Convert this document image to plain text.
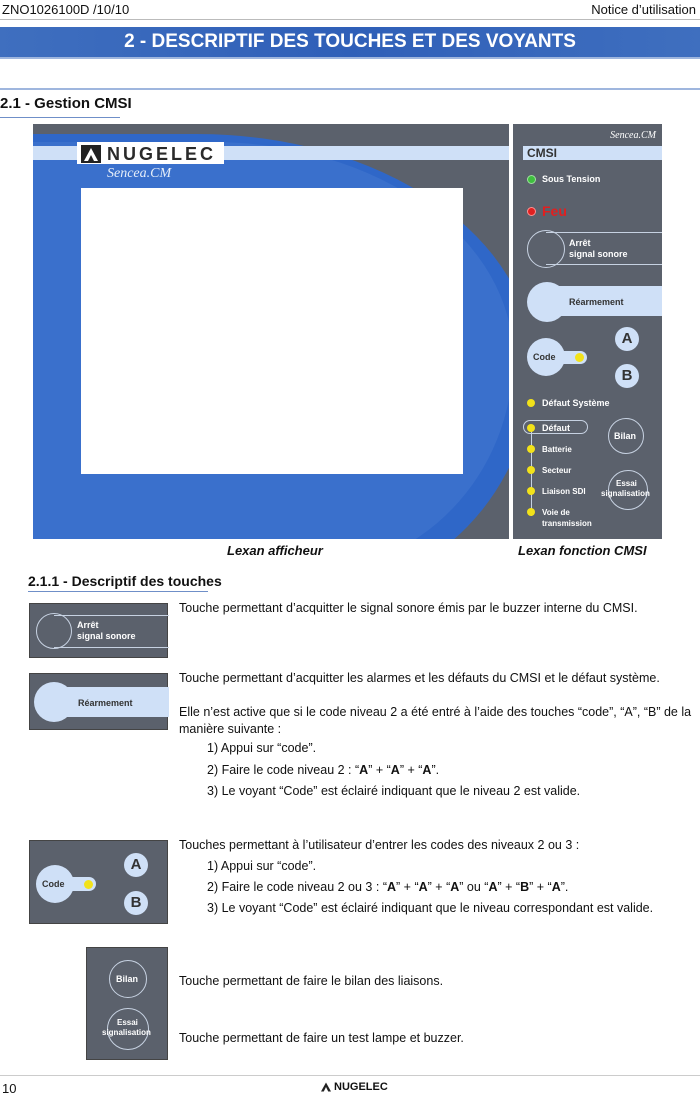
ZNO1026100D /10/10	Notice d’utilisation
2 - DESCRIPTIF DES TOUCHES ET DES VOYANTS
2.1 - Gestion CMSI
NUGELEC
Sencea.CM
Sencea.CM
CMSI
Sous Tension
Feu
Arrêt
signal sonore
Réarmement
Code
A
B
Défaut Système
Défaut
Batterie
Secteur
Liaison SDI
Voie de
transmission
Bilan
Essai
signalisation
Lexan afficheur	Lexan fonction CMSI
2.1.1 - Descriptif des touches
Arrêt
signal sonore
Touche permettant d’acquitter le signal sonore émis par le buzzer interne du CMSI.
Réarmement
Touche permettant d’acquitter les alarmes et les défauts du CMSI et le défaut système.
Elle n’est active que si le code niveau 2 a été entré à l’aide des touches “code”, “A”, “B” de la manière suivante :
1) Appui sur “code”.
2) Faire le code niveau 2 : “A” + “A” + “A”.
3) Le voyant “Code” est éclairé indiquant que le niveau 2 est valide.
Code
A
B
Touches permettant à l’utilisateur d’entrer les codes des niveaux 2 ou 3 :
1) Appui sur “code”.
2) Faire le code niveau 2 ou 3 : “A” + “A” + “A” ou “A” + “B” + “A”.
3) Le voyant “Code” est éclairé indiquant que le niveau correspondant est valide.
Bilan
Essai
signalisation
Touche permettant de faire le bilan des liaisons.
Touche permettant de faire un test lampe et buzzer.
10	NUGELEC
